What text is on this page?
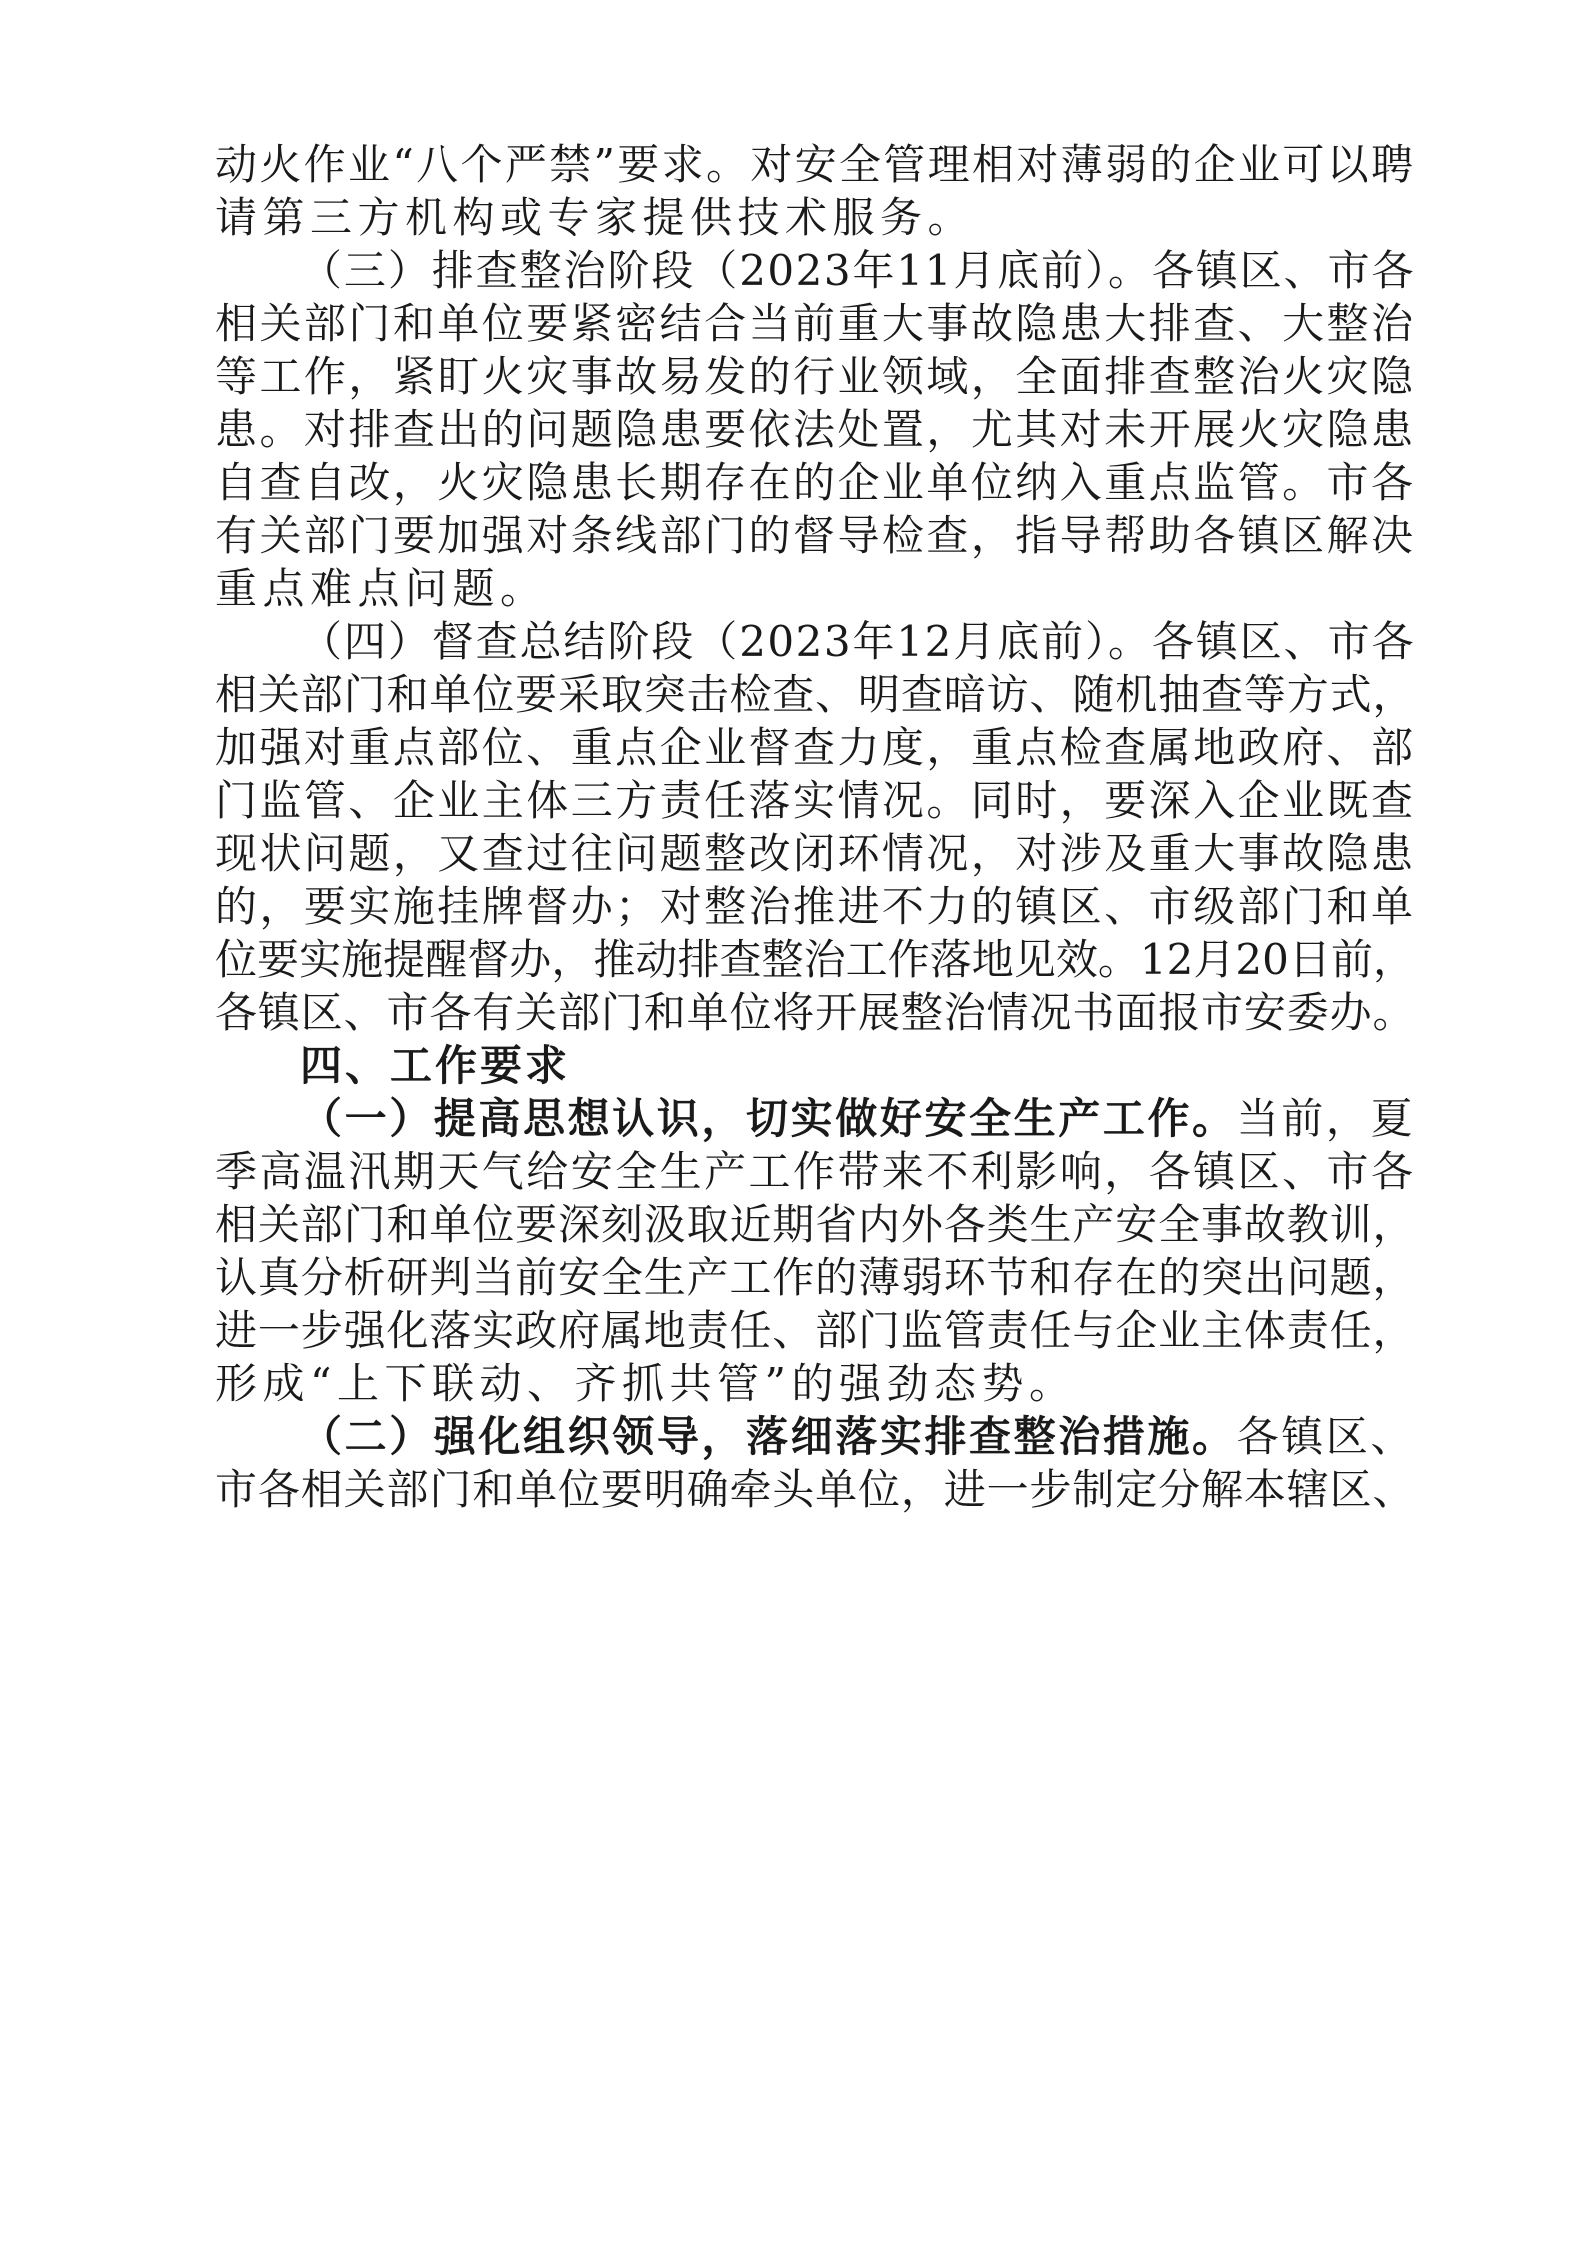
动火作业“八个严禁”要求。对安全管理相对薄弱的企业可以聘
请第三方机构或专家提供技术服务。
（三）排查整治阶段（2023年11月底前）。各镇区、市各
相关部门和单位要紧密结合当前重大事故隐患大排查、大整治
等工作，紧盯火灾事故易发的行业领域，全面排查整治火灾隐
患。对排查出的问题隐患要依法处置，尤其对未开展火灾隐患
自查自改，火灾隐患长期存在的企业单位纳入重点监管。市各
有关部门要加强对条线部门的督导检查，指导帮助各镇区解决
重点难点问题。
（四）督查总结阶段（2023年12月底前）。各镇区、市各
相关部门和单位要采取突击检查、明查暗访、随机抽查等方式，
加强对重点部位、重点企业督查力度，重点检查属地政府、部
门监管、企业主体三方责任落实情况。同时，要深入企业既查
现状问题，又查过往问题整改闭环情况，对涉及重大事故隐患
的，要实施挂牌督办；对整治推进不力的镇区、市级部门和单
位要实施提醒督办，推动排查整治工作落地见效。12月20日前，
各镇区、市各有关部门和单位将开展整治情况书面报市安委办。
四、工作要求
（一）提高思想认识，切实做好安全生产工作。当前，夏
季高温汛期天气给安全生产工作带来不利影响，各镇区、市各
相关部门和单位要深刻汲取近期省内外各类生产安全事故教训，
认真分析研判当前安全生产工作的薄弱环节和存在的突出问题，
进一步强化落实政府属地责任、部门监管责任与企业主体责任，
形成“上下联动、齐抓共管”的强劲态势。
（二）强化组织领导，落细落实排查整治措施。各镇区、
市各相关部门和单位要明确牵头单位，进一步制定分解本辖区、
